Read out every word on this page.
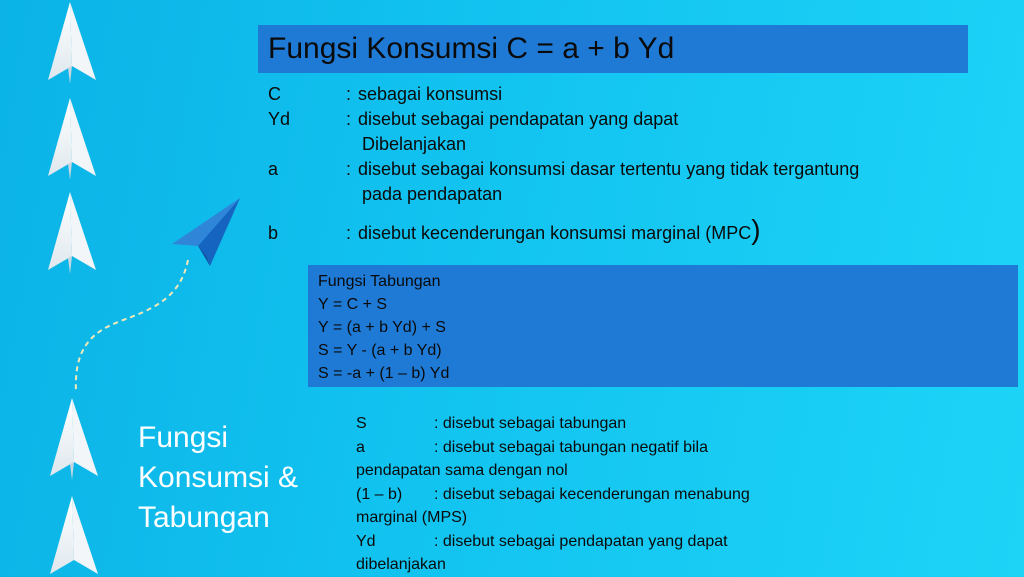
Fungsi Konsumsi C = a + b Yd
C	: sebagai konsumsi
Yd	: disebut sebagai pendapatan yang dapat
Dibelanjakan
a	: disebut sebagai konsumsi dasar tertentu yang tidak tergantung
pada pendapatan
b	: disebut kecenderungan konsumsi marginal (MPC)
Fungsi Tabungan
Y = C + S
Y = (a + b Yd) + S
S = Y - (a + b Yd)
S = -a + (1 – b) Yd
Fungsi
Konsumsi &
Tabungan
S	: disebut sebagai tabungan
a	: disebut sebagai tabungan negatif bila
pendapatan sama dengan nol
(1 – b) : disebut sebagai kecenderungan menabung
marginal (MPS)
Yd	: disebut sebagai pendapatan yang dapat
dibelanjakan
